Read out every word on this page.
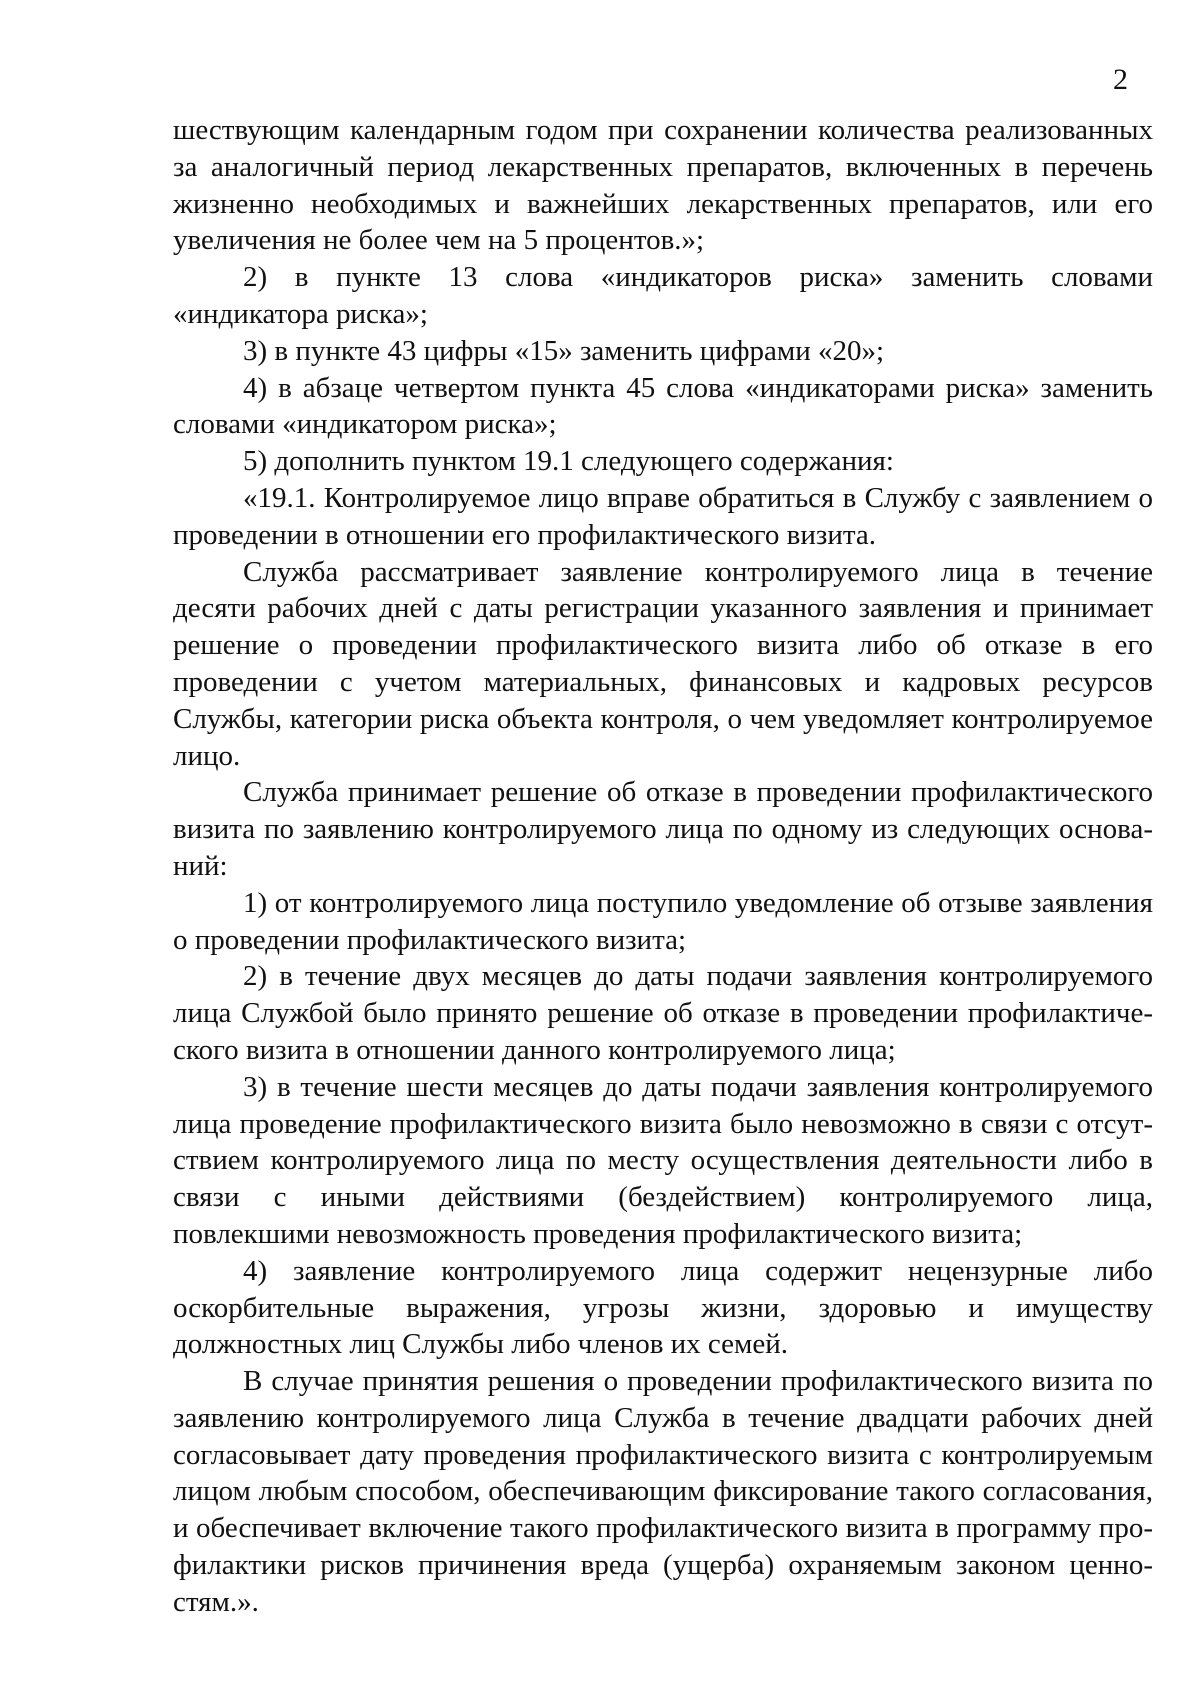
2

шествующим календарным годом при сохранении количества реализованных за аналогичный период лекарственных препаратов, включенных в перечень жизненно необходимых и важнейших лекарственных препаратов, или его увеличения не более чем на 5 процентов.»;

2) в пункте 13 слова «индикаторов риска» заменить словами «индикатора риска»;

3) в пункте 43 цифры «15» заменить цифрами «20»;

4) в абзаце четвертом пункта 45 слова «индикаторами риска» заменить словами «индикатором риска»;

5) дополнить пунктом 19.1 следующего содержания:

«19.1. Контролируемое лицо вправе обратиться в Службу с заявлением о проведении в отношении его профилактического визита.

Служба рассматривает заявление контролируемого лица в течение десяти рабочих дней с даты регистрации указанного заявления и принимает решение о проведении профилактического визита либо об отказе в его проведении с учетом материальных, финансовых и кадровых ресурсов Службы, категории риска объекта контроля, о чем уведомляет контролируемое лицо.

Служба принимает решение об отказе в проведении профилактического визита по заявлению контролируемого лица по одному из следующих оснований:

1) от контролируемого лица поступило уведомление об отзыве заявления о проведении профилактического визита;

2) в течение двух месяцев до даты подачи заявления контролируемого лица Службой было принято решение об отказе в проведении профилактического визита в отношении данного контролируемого лица;

3) в течение шести месяцев до даты подачи заявления контролируемого лица проведение профилактического визита было невозможно в связи с отсутствием контролируемого лица по месту осуществления деятельности либо в связи с иными действиями (бездействием) контролируемого лица, повлекшими невозможность проведения профилактического визита;

4) заявление контролируемого лица содержит нецензурные либо оскорбительные выражения, угрозы жизни, здоровью и имуществу должностных лиц Службы либо членов их семей.

В случае принятия решения о проведении профилактического визита по заявлению контролируемого лица Служба в течение двадцати рабочих дней согласовывает дату проведения профилактического визита с контролируемым лицом любым способом, обеспечивающим фиксирование такого согласования, и обеспечивает включение такого профилактического визита в программу профилактики рисков причинения вреда (ущерба) охраняемым законом ценностям.».
